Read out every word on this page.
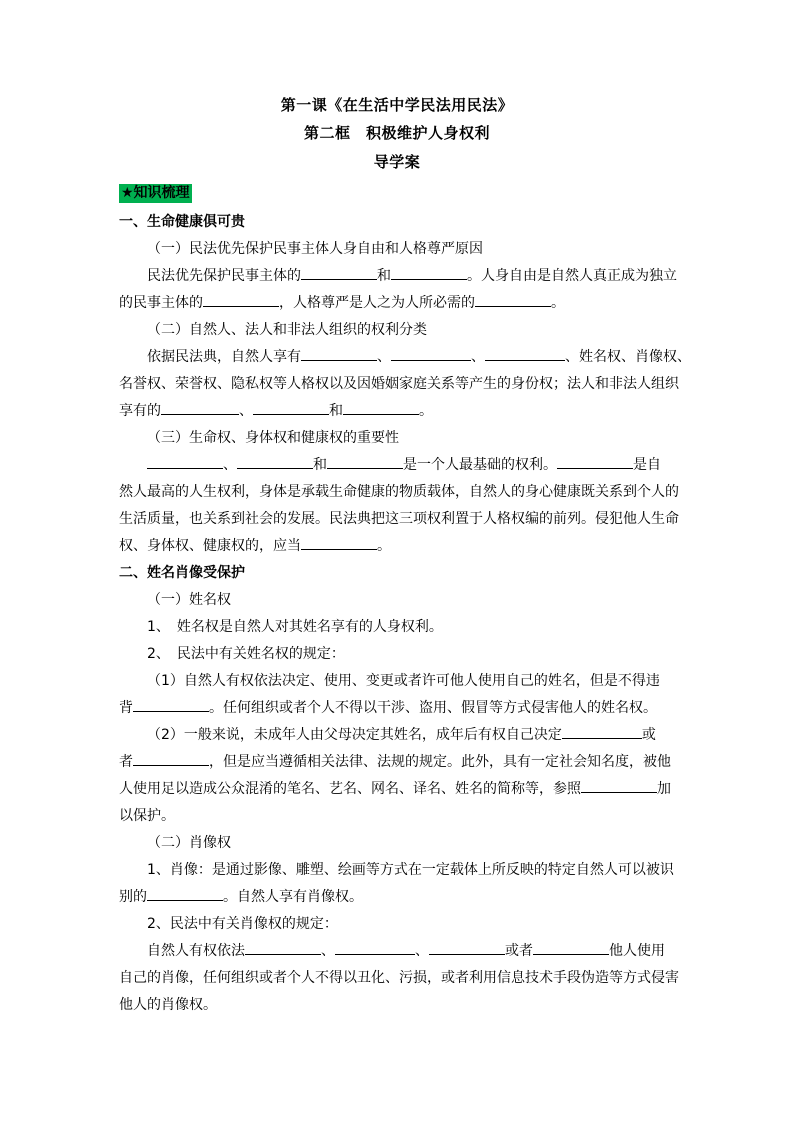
第一课《在生活中学民法用民法》
第二框　积极维护人身权利
导学案
★知识梳理

一、生命健康俱可贵

（一）民法优先保护民事主体人身自由和人格尊严原因

民法优先保护民事主体的	和	。人身自由是自然人真正成为独立

的民事主体的	，人格尊严是人之为人所必需的	。

（二）自然人、法人和非法人组织的权利分类

依据民法典，自然人享有	、	、	、姓名权、肖像权、

名誉权、荣誉权、隐私权等人格权以及因婚姻家庭关系等产生的身份权；法人和非法人组织

享有的	、	和	。

（三）生命权、身体权和健康权的重要性

、	和	是一个人最基础的权利。	是自

然人最高的人生权利，身体是承载生命健康的物质载体，自然人的身心健康既关系到个人的

生活质量，也关系到社会的发展。民法典把这三项权利置于人格权编的前列。侵犯他人生命

权、身体权、健康权的，应当	。

二、姓名肖像受保护

（一）姓名权

1、　姓名权是自然人对其姓名享有的人身权利。

2、　民法中有关姓名权的规定：

（1）自然人有权依法决定、使用、变更或者许可他人使用自己的姓名，但是不得违

背	。任何组织或者个人不得以干涉、盗用、假冒等方式侵害他人的姓名权。

（2）一般来说，未成年人由父母决定其姓名，成年后有权自己决定	或

者	，但是应当遵循相关法律、法规的规定。此外，具有一定社会知名度，被他

人使用足以造成公众混淆的笔名、艺名、网名、译名、姓名的简称等，参照	加

以保护。

（二）肖像权

1、肖像：是通过影像、雕塑、绘画等方式在一定载体上所反映的特定自然人可以被识

别的	。自然人享有肖像权。

2、民法中有关肖像权的规定：

自然人有权依法	、	、	或者	他人使用

自己的肖像，任何组织或者个人不得以丑化、污损，或者利用信息技术手段伪造等方式侵害

他人的肖像权。
